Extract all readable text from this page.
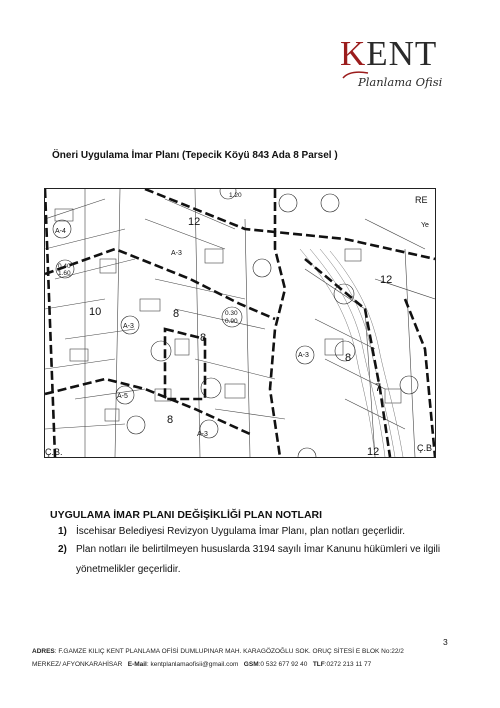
KENT
Planlama Ofisi
Öneri Uygulama İmar Planı (Tepecik Köyü 843 Ada 8 Parsel )
12
12
12
8
8
8
8
7
10
A-3
A-3
A-3
A-3
A-4
A-5
RE
Ye
Ç.B.	Ç.B
0.40
1.60
1.20
0.30
0.90
UYGULAMA İMAR PLANI DEĞİŞİKLİĞİ PLAN NOTLARI
1) İscehisar Belediyesi Revizyon Uygulama İmar Planı, plan notları geçerlidir.
2) Plan notları ile belirtilmeyen hususlarda 3194 sayılı İmar Kanunu hükümleri ve ilgili yönetmelikler geçerlidir.
3
ADRES: F.GAMZE KILIÇ KENT PLANLAMA OFİSİ DUMLUPINAR MAH. KARAGÖZOĞLU SOK. ORUÇ SİTESİ E BLOK No:22/2
MERKEZ/ AFYONKARAHİSAR E-Mail: kentplanlamaofisii@gmail.com GSM:0 532 677 92 40 TLF:0272 213 11 77
